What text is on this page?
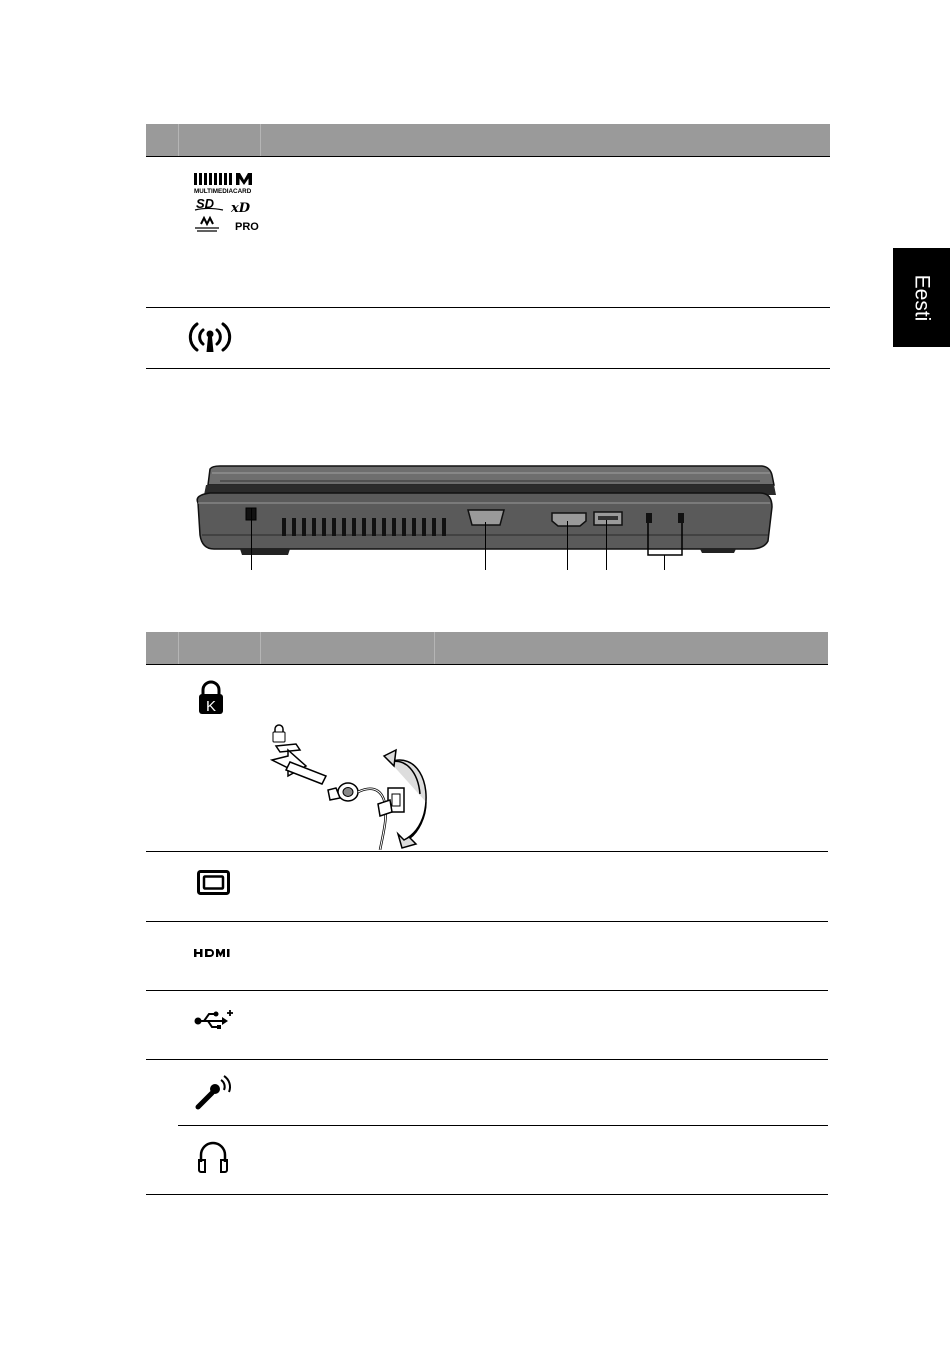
Eesti
MULTIMEDIACARD
SD xD
PRO
K
